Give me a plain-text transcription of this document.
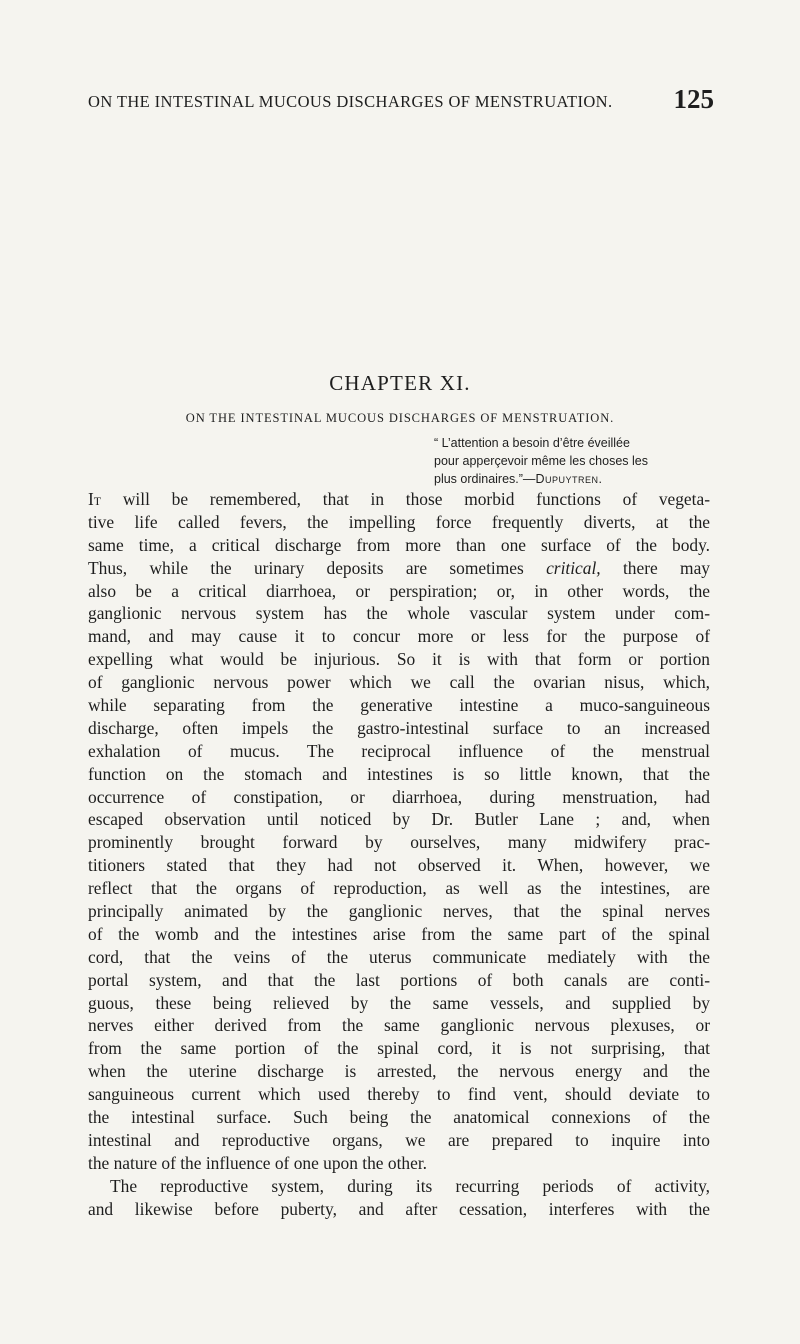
ON THE INTESTINAL MUCOUS DISCHARGES OF MENSTRUATION. 125
CHAPTER XI.
ON THE INTESTINAL MUCOUS DISCHARGES OF MENSTRUATION.

“ L’attention a besoin d’être éveillée

pour apperçevoir même les choses les

plus ordinaires.”—Dupuytren.

It will be remembered, that in those morbid functions of vegeta-
tive life called fevers, the impelling force frequently diverts, at the
same time, a critical discharge from more than one surface of the body.
Thus, while the urinary deposits are sometimes critical, there may
also be a critical diarrhoea, or perspiration; or, in other words, the
ganglionic nervous system has the whole vascular system under com-
mand, and may cause it to concur more or less for the purpose of
expelling what would be injurious. So it is with that form or portion
of ganglionic nervous power which we call the ovarian nisus, which,
while separating from the generative intestine a muco-sanguineous
discharge, often impels the gastro-intestinal surface to an increased
exhalation of mucus. The reciprocal influence of the menstrual
function on the stomach and intestines is so little known, that the
occurrence of constipation, or diarrhoea, during menstruation, had
escaped observation until noticed by Dr. Butler Lane ; and, when
prominently brought forward by ourselves, many midwifery prac-
titioners stated that they had not observed it. When, however, we
reflect that the organs of reproduction, as well as the intestines, are
principally animated by the ganglionic nerves, that the spinal nerves
of the womb and the intestines arise from the same part of the spinal
cord, that the veins of the uterus communicate mediately with the
portal system, and that the last portions of both canals are conti-
guous, these being relieved by the same vessels, and supplied by
nerves either derived from the same ganglionic nervous plexuses, or
from the same portion of the spinal cord, it is not surprising, that
when the uterine discharge is arrested, the nervous energy and the
sanguineous current which used thereby to find vent, should deviate to
the intestinal surface. Such being the anatomical connexions of the
intestinal and reproductive organs, we are prepared to inquire into
the nature of the influence of one upon the other.
The reproductive system, during its recurring periods of activity,
and likewise before puberty, and after cessation, interferes with the
